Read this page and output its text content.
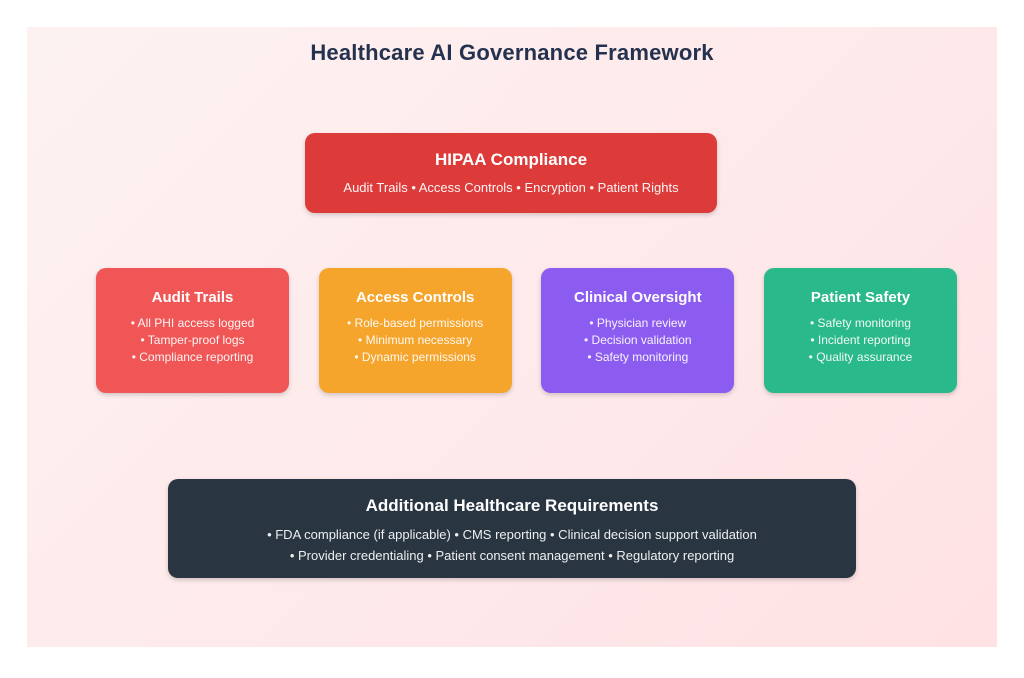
Healthcare AI Governance Framework
HIPAA Compliance
Audit Trails • Access Controls • Encryption • Patient Rights
Audit Trails
• All PHI access logged
• Tamper-proof logs
• Compliance reporting
Access Controls
• Role-based permissions
• Minimum necessary
• Dynamic permissions
Clinical Oversight
• Physician review
• Decision validation
• Safety monitoring
Patient Safety
• Safety monitoring
• Incident reporting
• Quality assurance
Additional Healthcare Requirements
• FDA compliance (if applicable) • CMS reporting • Clinical decision support validation
• Provider credentialing • Patient consent management • Regulatory reporting
